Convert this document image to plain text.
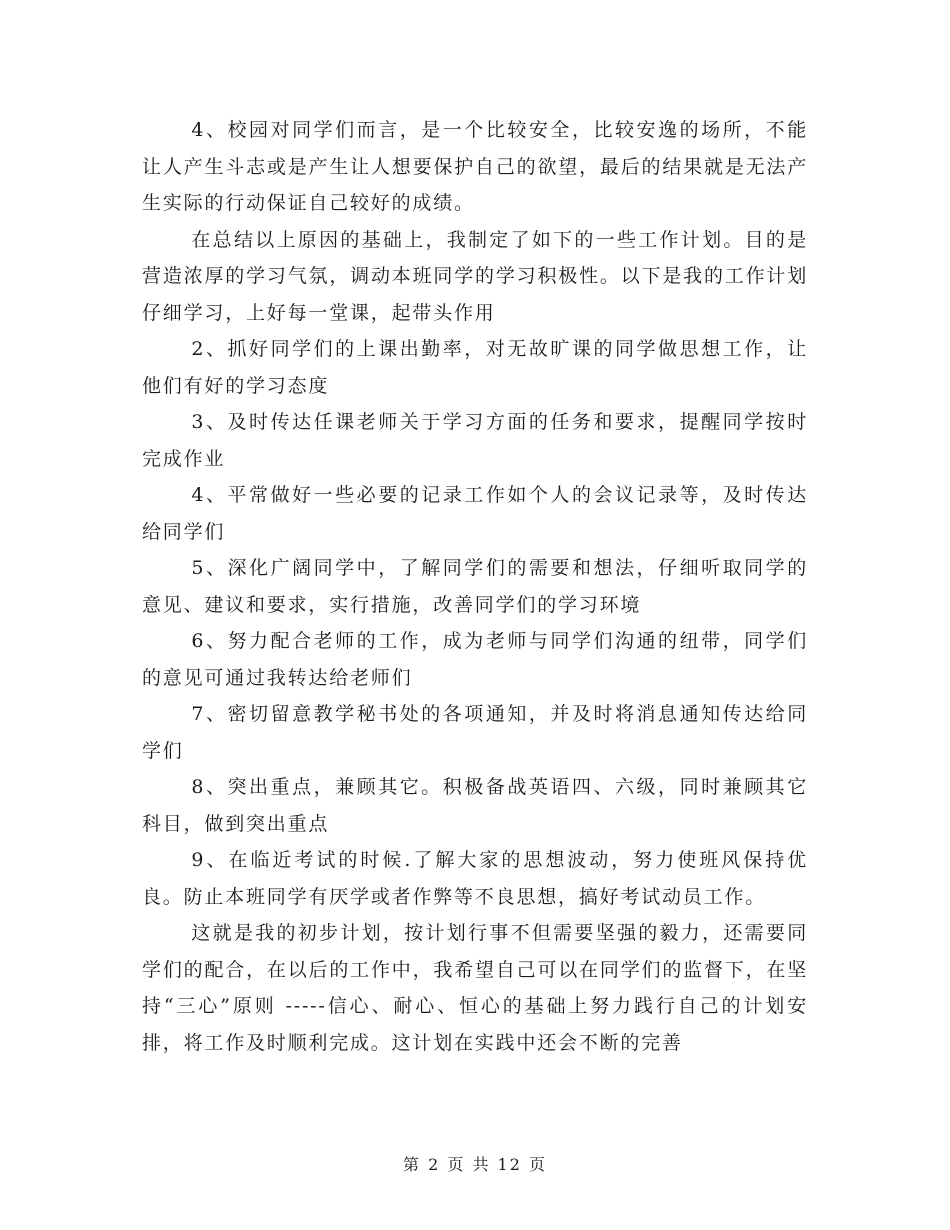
4、校园对同学们而言，是一个比较安全，比较安逸的场所，不能让人产生斗志或是产生让人想要保护自己的欲望，最后的结果就是无法产生实际的行动保证自己较好的成绩。

在总结以上原因的基础上，我制定了如下的一些工作计划。目的是营造浓厚的学习气氛，调动本班同学的学习积极性。以下是我的工作计划仔细学习，上好每一堂课，起带头作用

2、抓好同学们的上课出勤率，对无故旷课的同学做思想工作，让他们有好的学习态度

3、及时传达任课老师关于学习方面的任务和要求，提醒同学按时完成作业

4、平常做好一些必要的记录工作如个人的会议记录等，及时传达给同学们

5、深化广阔同学中，了解同学们的需要和想法，仔细听取同学的意见、建议和要求，实行措施，改善同学们的学习环境

6、努力配合老师的工作，成为老师与同学们沟通的纽带，同学们的意见可通过我转达给老师们

7、密切留意教学秘书处的各项通知，并及时将消息通知传达给同学们

8、突出重点，兼顾其它。积极备战英语四、六级，同时兼顾其它科目，做到突出重点

9、在临近考试的时候.了解大家的思想波动，努力使班风保持优良。防止本班同学有厌学或者作弊等不良思想，搞好考试动员工作。

这就是我的初步计划，按计划行事不但需要坚强的毅力，还需要同学们的配合，在以后的工作中，我希望自己可以在同学们的监督下，在坚持“三心”原则 -----信心、耐心、恒心的基础上努力践行自己的计划安排，将工作及时顺利完成。这计划在实践中还会不断的完善

第 2 页 共 12 页
